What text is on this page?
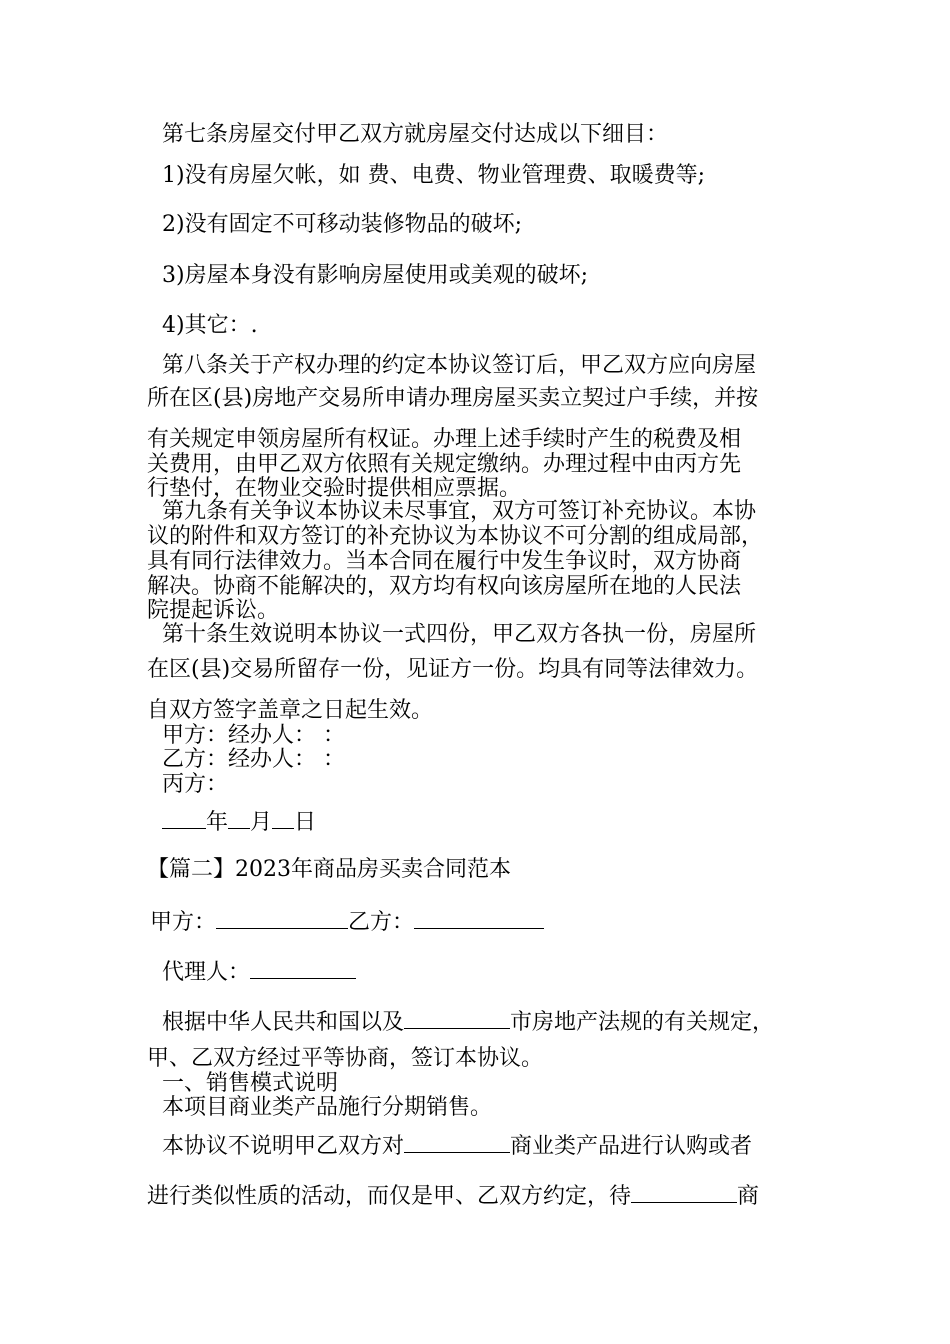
第七条房屋交付甲乙双方就房屋交付达成以下细目：

1)没有房屋欠帐，如 费、电费、物业管理费、取暖费等;

2)没有固定不可移动装修物品的破坏;

3)房屋本身没有影响房屋使用或美观的破坏;

4)其它：.

第八条关于产权办理的约定本协议签订后，甲乙双方应向房屋

所在区(县)房地产交易所申请办理房屋买卖立契过户手续，并按

有关规定申领房屋所有权证。办理上述手续时产生的税费及相

关费用，由甲乙双方依照有关规定缴纳。办理过程中由丙方先

行垫付，在物业交验时提供相应票据。

第九条有关争议本协议未尽事宜，双方可签订补充协议。本协

议的附件和双方签订的补充协议为本协议不可分割的组成局部，

具有同行法律效力。当本合同在履行中发生争议时，双方协商

解决。协商不能解决的，双方均有权向该房屋所在地的人民法

院提起诉讼。

第十条生效说明本协议一式四份，甲乙双方各执一份，房屋所

在区(县)交易所留存一份，见证方一份。均具有同等法律效力。

自双方签字盖章之日起生效。

甲方：经办人： ：

乙方：经办人： ：

丙方：

年 月 日

【篇二】2023年商品房买卖合同范本

甲方：	乙方：

代理人：

根据中华人民共和国以及	市房地产法规的有关规定，

甲、乙双方经过平等协商，签订本协议。

一、销售模式说明

本项目商业类产品施行分期销售。

本协议不说明甲乙双方对	商业类产品进行认购或者

进行类似性质的活动，而仅是甲、乙双方约定，待	商
